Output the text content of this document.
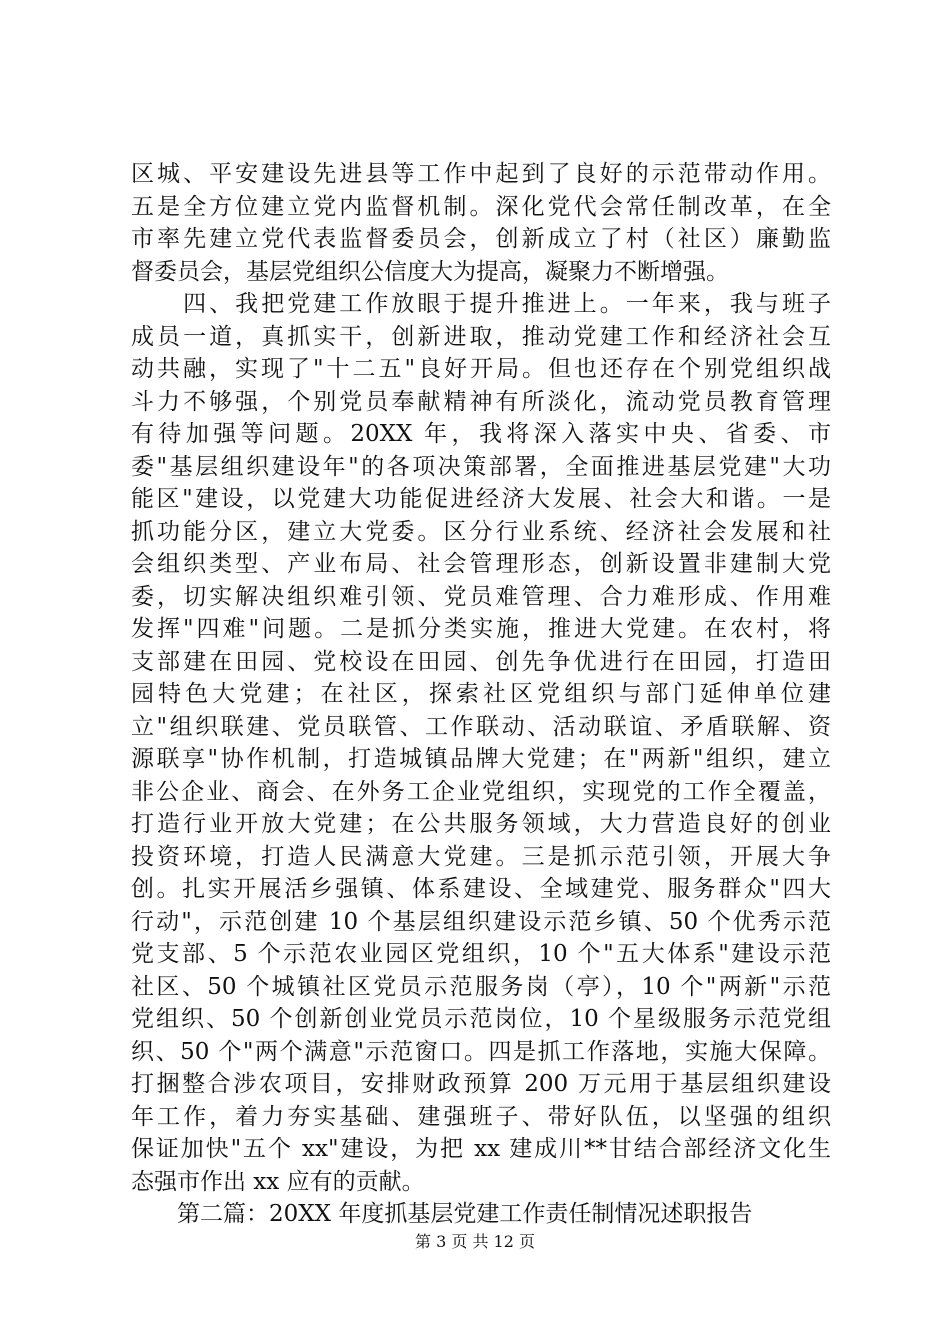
区城、平安建设先进县等工作中起到了良好的示范带动作用。
五是全方位建立党内监督机制。深化党代会常任制改革，在全
市率先建立党代表监督委员会，创新成立了村（社区）廉勤监
督委员会，基层党组织公信度大为提高，凝聚力不断增强。
　　四、我把党建工作放眼于提升推进上。一年来，我与班子
成员一道，真抓实干，创新进取，推动党建工作和经济社会互
动共融，实现了"十二五"良好开局。但也还存在个别党组织战
斗力不够强，个别党员奉献精神有所淡化，流动党员教育管理
有待加强等问题。20XX 年，我将深入落实中央、省委、市
委"基层组织建设年"的各项决策部署，全面推进基层党建"大功
能区"建设，以党建大功能促进经济大发展、社会大和谐。一是
抓功能分区，建立大党委。区分行业系统、经济社会发展和社
会组织类型、产业布局、社会管理形态，创新设置非建制大党
委，切实解决组织难引领、党员难管理、合力难形成、作用难
发挥"四难"问题。二是抓分类实施，推进大党建。在农村，将
支部建在田园、党校设在田园、创先争优进行在田园，打造田
园特色大党建；在社区，探索社区党组织与部门延伸单位建
立"组织联建、党员联管、工作联动、活动联谊、矛盾联解、资
源联享"协作机制，打造城镇品牌大党建；在"两新"组织，建立
非公企业、商会、在外务工企业党组织，实现党的工作全覆盖，
打造行业开放大党建；在公共服务领域，大力营造良好的创业
投资环境，打造人民满意大党建。三是抓示范引领，开展大争
创。扎实开展活乡强镇、体系建设、全域建党、服务群众"四大
行动"，示范创建 10 个基层组织建设示范乡镇、50 个优秀示范
党支部、5 个示范农业园区党组织，10 个"五大体系"建设示范
社区、50 个城镇社区党员示范服务岗（亭），10 个"两新"示范
党组织、50 个创新创业党员示范岗位，10 个星级服务示范党组
织、50 个"两个满意"示范窗口。四是抓工作落地，实施大保障。
打捆整合涉农项目，安排财政预算 200 万元用于基层组织建设
年工作，着力夯实基础、建强班子、带好队伍，以坚强的组织
保证加快"五个 xx"建设，为把 xx 建成川**甘结合部经济文化生
态强市作出 xx 应有的贡献。
　　第二篇：20XX 年度抓基层党建工作责任制情况述职报告
第 3 页 共 12 页
